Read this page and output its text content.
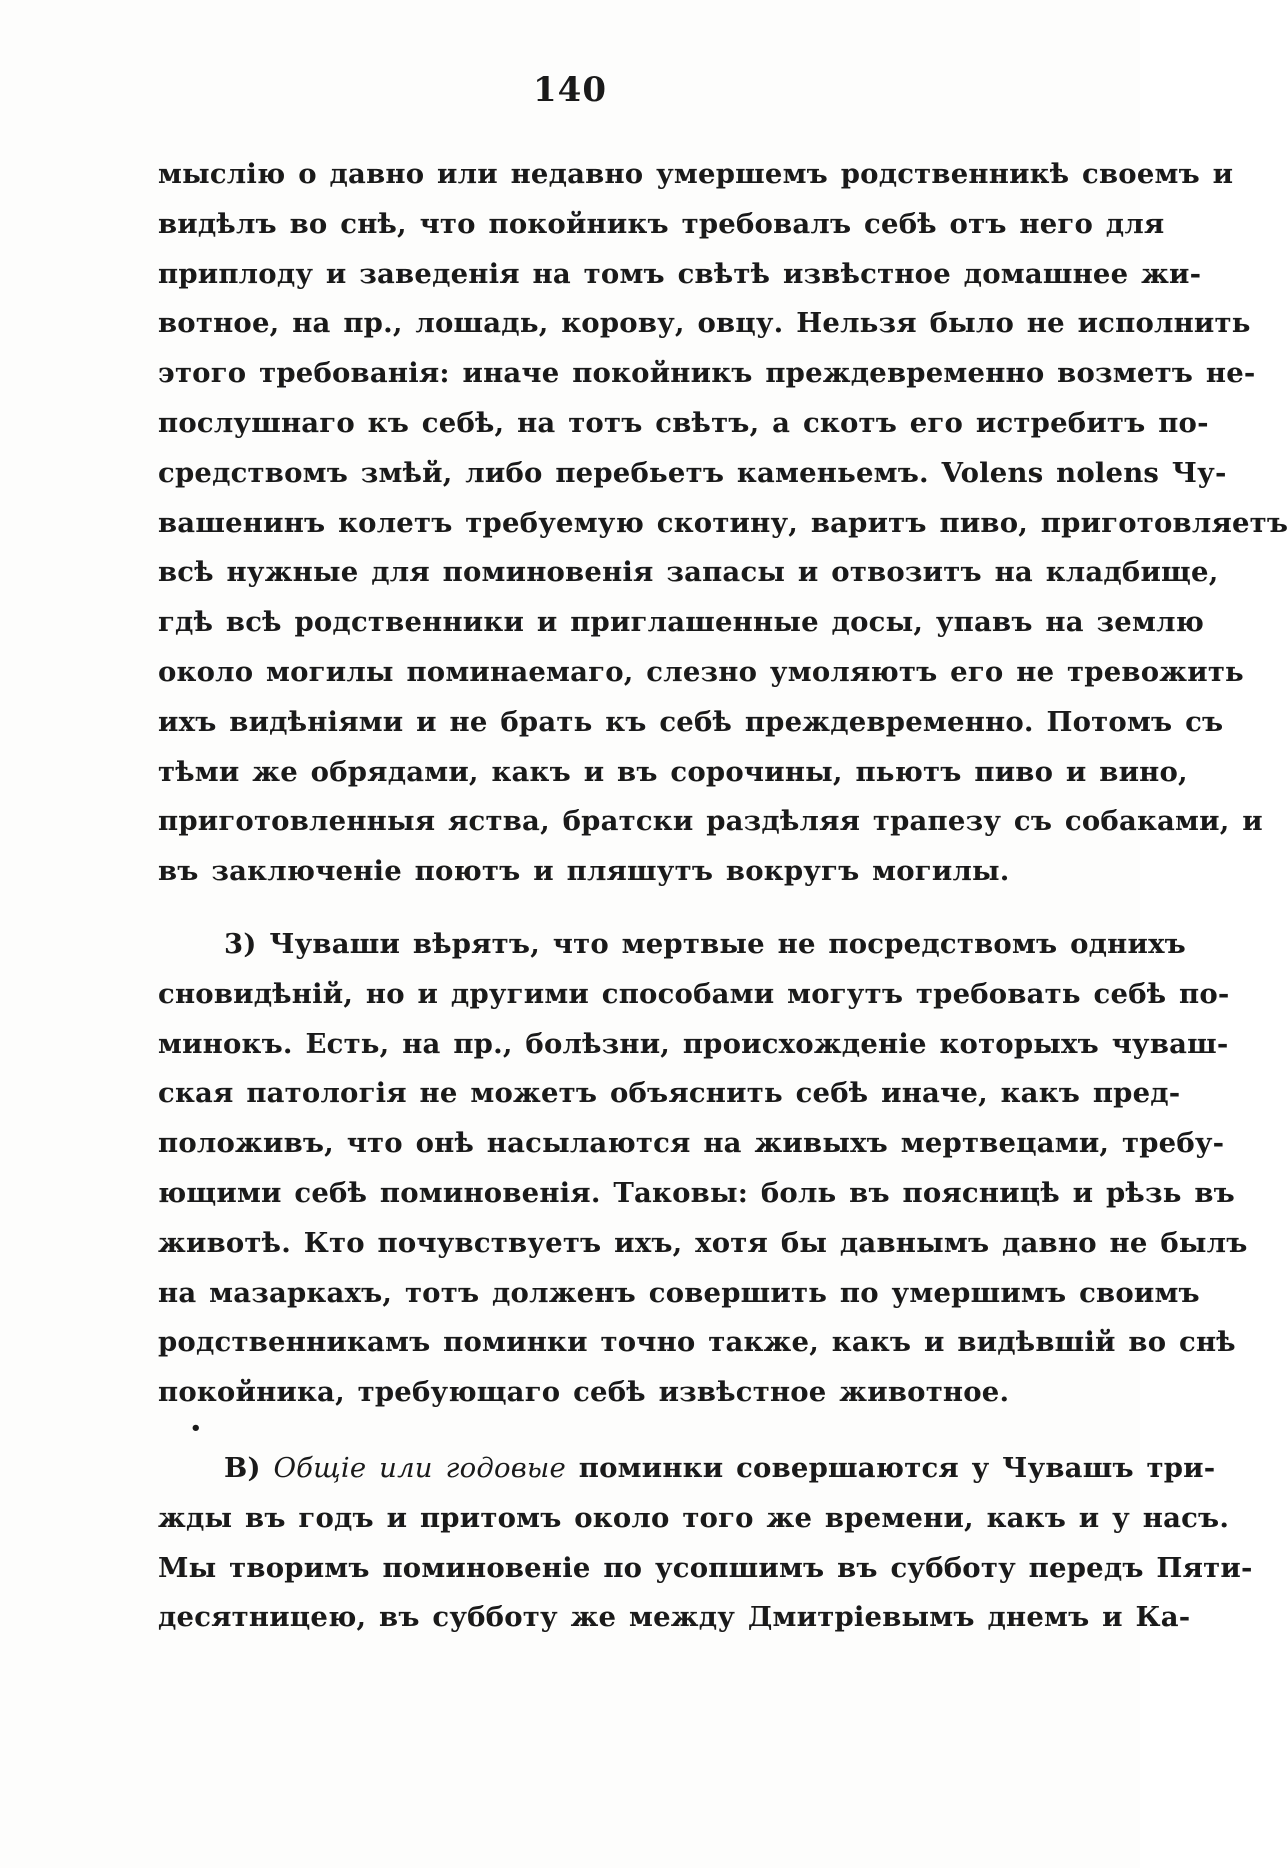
140
мыслію о давно или недавно умершемъ родственникѣ своемъ и
видѣлъ во снѣ, что покойникъ требовалъ себѣ отъ него для
приплоду и заведенія на томъ свѣтѣ извѣстное домашнее жи-
вотное, на пр., лошадь, корову, овцу. Нельзя было не исполнить
этого требованія: иначе покойникъ преждевременно возметъ не-
послушнаго къ себѣ, на тотъ свѣтъ, а скотъ его истребитъ по-
средствомъ змѣй, либо перебьетъ каменьемъ. Volens nolens Чу-
вашенинъ колетъ требуемую скотину, варитъ пиво, приготовляетъ
всѣ нужные для поминовенія запасы и отвозитъ на кладбище,
гдѣ всѣ родственники и приглашенные досы, упавъ на землю
около могилы поминаемаго, слезно умоляютъ его не тревожить
ихъ видѣніями и не брать къ себѣ преждевременно. Потомъ съ
тѣми же обрядами, какъ и въ сорочины, пьютъ пиво и вино,
приготовленныя яства, братски раздѣляя трапезу съ собаками, и
въ заключеніе поютъ и пляшутъ вокругъ могилы.
3) Чуваши вѣрятъ, что мертвые не посредствомъ однихъ
сновидѣній, но и другими способами могутъ требовать себѣ по-
минокъ. Есть, на пр., болѣзни, происхожденіе которыхъ чуваш-
ская патологія не можетъ объяснить себѣ иначе, какъ пред-
положивъ, что онѣ насылаются на живыхъ мертвецами, требу-
ющими себѣ поминовенія. Таковы: боль въ поясницѣ и рѣзь въ
животѣ. Кто почувствуетъ ихъ, хотя бы давнымъ давно не былъ
на мазаркахъ, тотъ долженъ совершить по умершимъ своимъ
родственникамъ поминки точно также, какъ и видѣвшій во снѣ
покойника, требующаго себѣ извѣстное животное.
•
В) Общіе или годовые поминки совершаются у Чувашъ три-
жды въ годъ и притомъ около того же времени, какъ и у насъ.
Мы творимъ поминовеніе по усопшимъ въ субботу передъ Пяти-
десятницею, въ субботу же между Дмитріевымъ днемъ и Ка-
